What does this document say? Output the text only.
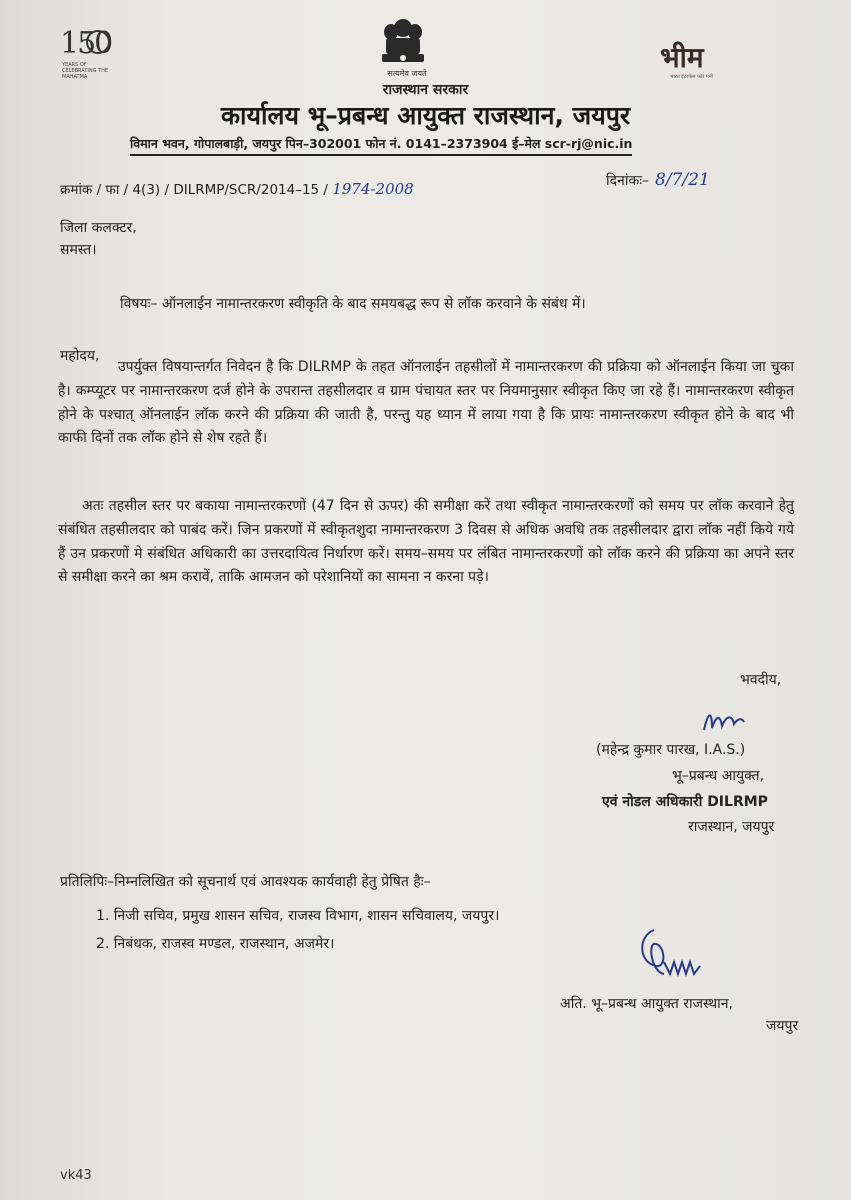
150
YEARS OF CELEBRATING THE MAHATMA	सत्यमेव जयते	भीम
भारत इंटरफेस फॉर मनी
राजस्थान सरकार
कार्यालय भू–प्रबन्ध आयुक्त राजस्थान, जयपुर
विमान भवन, गोपालबाड़ी, जयपुर पिन–302001 फोन नं. 0141–2373904 ई–मेल scr-rj@nic.in
क्रमांक / फा / 4(3) / DILRMP/SCR/2014–15 / 1974-2008	दिनांकः– 8/7/21
जिला कलक्टर,
समस्त।
विषयः– ऑनलाईन नामान्तरकरण स्वीकृति के बाद समयबद्ध रूप से लॉक करवाने के संबंध में।
महोदय,
उपर्युक्त विषयान्तर्गत निवेदन है कि DILRMP के तहत ऑनलाईन तहसीलों में नामान्तरकरण की प्रक्रिया को ऑनलाईन किया जा चुका है। कम्प्यूटर पर नामान्तरकरण दर्ज होने के उपरान्त तहसीलदार व ग्राम पंचायत स्तर पर नियमानुसार स्वीकृत किए जा रहे हैं। नामान्तरकरण स्वीकृत होने के पश्चात् ऑनलाईन लॉक करने की प्रक्रिया की जाती है, परन्तु यह ध्यान में लाया गया है कि प्रायः नामान्तरकरण स्वीकृत होने के बाद भी काफी दिनों तक लॉक होने से शेष रहते हैं।
अतः तहसील स्तर पर बकाया नामान्तरकरणों (47 दिन से ऊपर) की समीक्षा करें तथा स्वीकृत नामान्तरकरणों को समय पर लॉक करवाने हेतु संबंधित तहसीलदार को पाबंद करें। जिन प्रकरणों में स्वीकृतशुदा नामान्तरकरण 3 दिवस से अधिक अवधि तक तहसीलदार द्वारा लॉक नहीं किये गये हैं उन प्रकरणों मे संबंधित अधिकारी का उत्तरदायित्व निर्धारण करें। समय–समय पर लंबित नामान्तरकरणों को लॉक करने की प्रक्रिया का अपने स्तर से समीक्षा करने का श्रम करावें, ताकि आमजन को परेशानियों का सामना न करना पड़े।
भवदीय,
(महेन्द्र कुमार पारख, I.A.S.)
भू–प्रबन्ध आयुक्त,
एवं नोडल अधिकारी DILRMP
राजस्थान, जयपुर
प्रतिलिपिः–निम्नलिखित को सूचनार्थ एवं आवश्यक कार्यवाही हेतु प्रेषित हैः–
1. निजी सचिव, प्रमुख शासन सचिव, राजस्व विभाग, शासन सचिवालय, जयपुर।
2. निबंधक, राजस्व मण्डल, राजस्थान, अजमेर।
अति. भू–प्रबन्ध आयुक्त राजस्थान,
जयपुर
vk43
